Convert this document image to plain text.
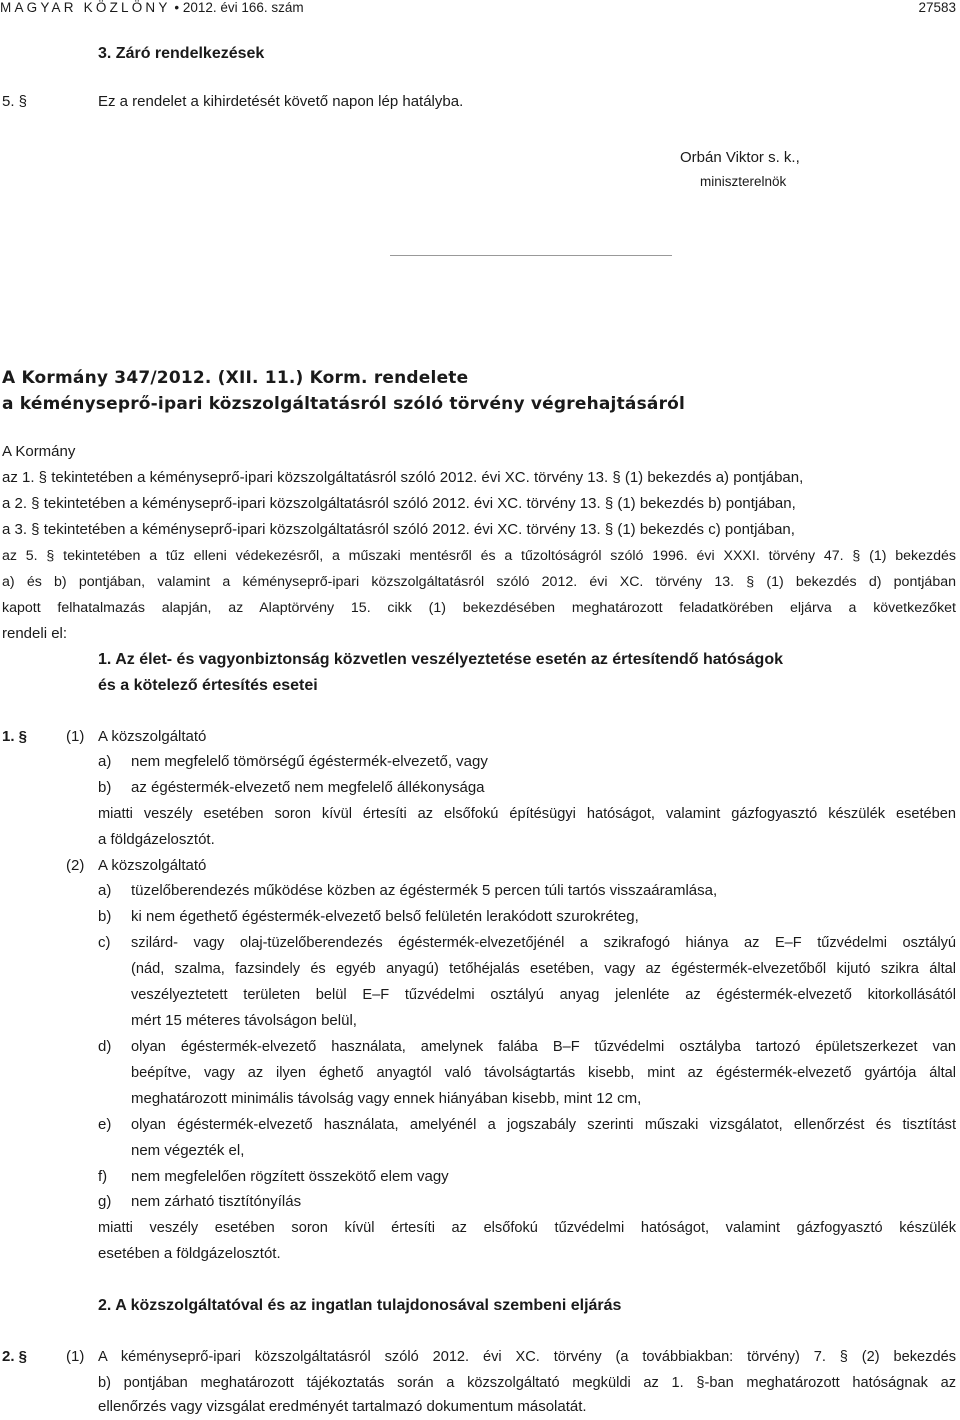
MAGYAR KÖZLÖNY • 2012. évi 166. szám	27583
3. Záró rendelkezések
5. §	Ez a rendelet a kihirdetését követő napon lép hatályba.
Orbán Viktor s. k.,
miniszterelnök
A Kormány 347/2012. (XII. 11.) Korm. rendelete
a kéményseprő-ipari közszolgáltatásról szóló törvény végrehajtásáról
A Kormány
az 1. § tekintetében a kéményseprő-ipari közszolgáltatásról szóló 2012. évi XC. törvény 13. § (1) bekezdés a) pontjában,
a 2. § tekintetében a kéményseprő-ipari közszolgáltatásról szóló 2012. évi XC. törvény 13. § (1) bekezdés b) pontjában,
a 3. § tekintetében a kéményseprő-ipari közszolgáltatásról szóló 2012. évi XC. törvény 13. § (1) bekezdés c) pontjában,
az 5. § tekintetében a tűz elleni védekezésről, a műszaki mentésről és a tűzoltóságról szóló 1996. évi XXXI. törvény 47. § (1) bekezdés
a) és b) pontjában, valamint a kéményseprő-ipari közszolgáltatásról szóló 2012. évi XC. törvény 13. § (1) bekezdés d) pontjában
kapott felhatalmazás alapján, az Alaptörvény 15. cikk (1) bekezdésében meghatározott feladatkörében eljárva a következőket
rendeli el:
1. Az élet- és vagyonbiztonság közvetlen veszélyeztetése esetén az értesítendő hatóságok
és a kötelező értesítés esetei
1. §	(1) A közszolgáltató
a) nem megfelelő tömörségű égéstermék-elvezető, vagy
b) az égéstermék-elvezető nem megfelelő állékonysága
miatti veszély esetében soron kívül értesíti az elsőfokú építésügyi hatóságot, valamint gázfogyasztó készülék esetében
a földgázelosztót.
(2) A közszolgáltató
a) tüzelőberendezés működése közben az égéstermék 5 percen túli tartós visszaáramlása,
b) ki nem égethető égéstermék-elvezető belső felületén lerakódott szurokréteg,
c) szilárd- vagy olaj-tüzelőberendezés égéstermék-elvezetőjénél a szikrafogó hiánya az E–F tűzvédelmi osztályú
(nád, szalma, fazsindely és egyéb anyagú) tetőhéjalás esetében, vagy az égéstermék-elvezetőből kijutó szikra által
veszélyeztetett területen belül E–F tűzvédelmi osztályú anyag jelenléte az égéstermék-elvezető kitorkollásától
mért 15 méteres távolságon belül,
d) olyan égéstermék-elvezető használata, amelynek falába B–F tűzvédelmi osztályba tartozó épületszerkezet van
beépítve, vagy az ilyen éghető anyagtól való távolságtartás kisebb, mint az égéstermék-elvezető gyártója által
meghatározott minimális távolság vagy ennek hiányában kisebb, mint 12 cm,
e) olyan égéstermék-elvezető használata, amelyénél a jogszabály szerinti műszaki vizsgálatot, ellenőrzést és tisztítást
nem végezték el,
f) nem megfelelően rögzített összekötő elem vagy
g) nem zárható tisztítónyílás
miatti veszély esetében soron kívül értesíti az elsőfokú tűzvédelmi hatóságot, valamint gázfogyasztó készülék
esetében a földgázelosztót.
2. A közszolgáltatóval és az ingatlan tulajdonosával szembeni eljárás
2. §	(1) A kéményseprő-ipari közszolgáltatásról szóló 2012. évi XC. törvény (a továbbiakban: törvény) 7. § (2) bekezdés
b) pontjában meghatározott tájékoztatás során a közszolgáltató megküldi az 1. §-ban meghatározott hatóságnak az
ellenőrzés vagy vizsgálat eredményét tartalmazó dokumentum másolatát.
